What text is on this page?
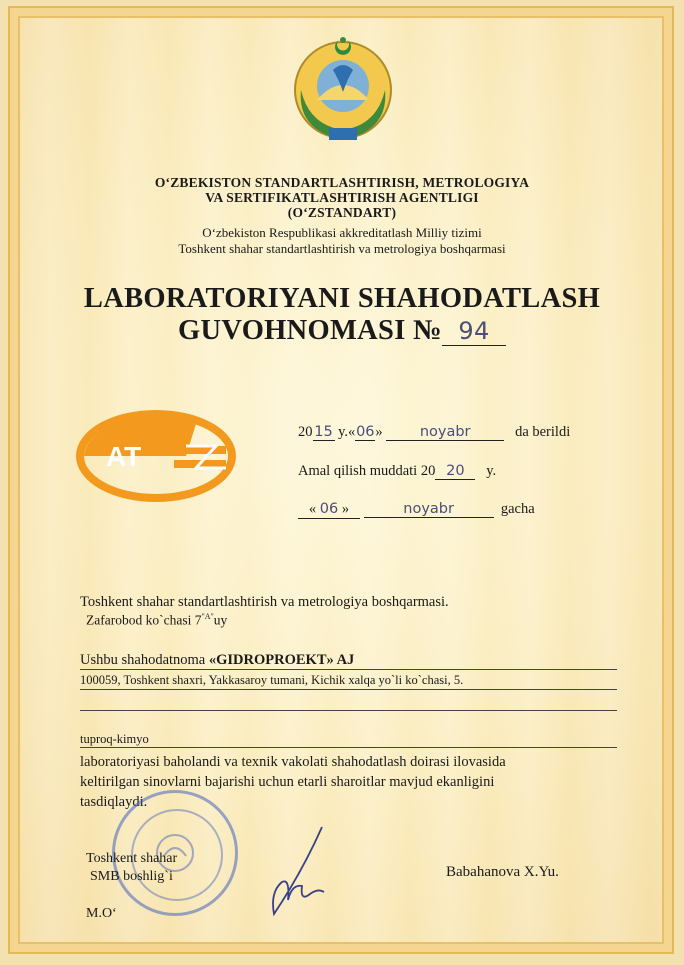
O‘ZBEKISTON STANDARTLASHTIRISH, METROLOGIYA
VA SERTIFIKATLASHTIRISH AGENTLIGI
(O‘ZSTANDART)
O‘zbekiston Respublikasi akkreditatlash Milliy tizimi
Toshkent shahar standartlashtirish va metrologiya boshqarmasi
LABORATORIYANI SHAHODATLASH
GUVOHNOMASI № 94
AT
20 15 y.«06»	noyabr	da berildi
Amal qilish muddati 20 20 y.
« 06 »	noyabr	gacha
Toshkent shahar standartlashtirish va metrologiya boshqarmasi.
Zafarobod ko`chasi $7^{"A"}uy$
Ushbu shahodatnoma «GIDROPROEKT» AJ
100059, Toshkent shaxri, Yakkasaroy tumani, Kichik xalqa yo`li ko`chasi, 5.
tuproq-kimyo
laboratoriyasi baholandi va texnik vakolati shahodatlash doirasi ilovasida
keltirilgan sinovlarni bajarishi uchun etarli sharoitlar mavjud ekanligini
tasdiqlaydi.
Toshkent shahar
SMB boshlig`i	Babahanova X.Yu.
M.O‘
